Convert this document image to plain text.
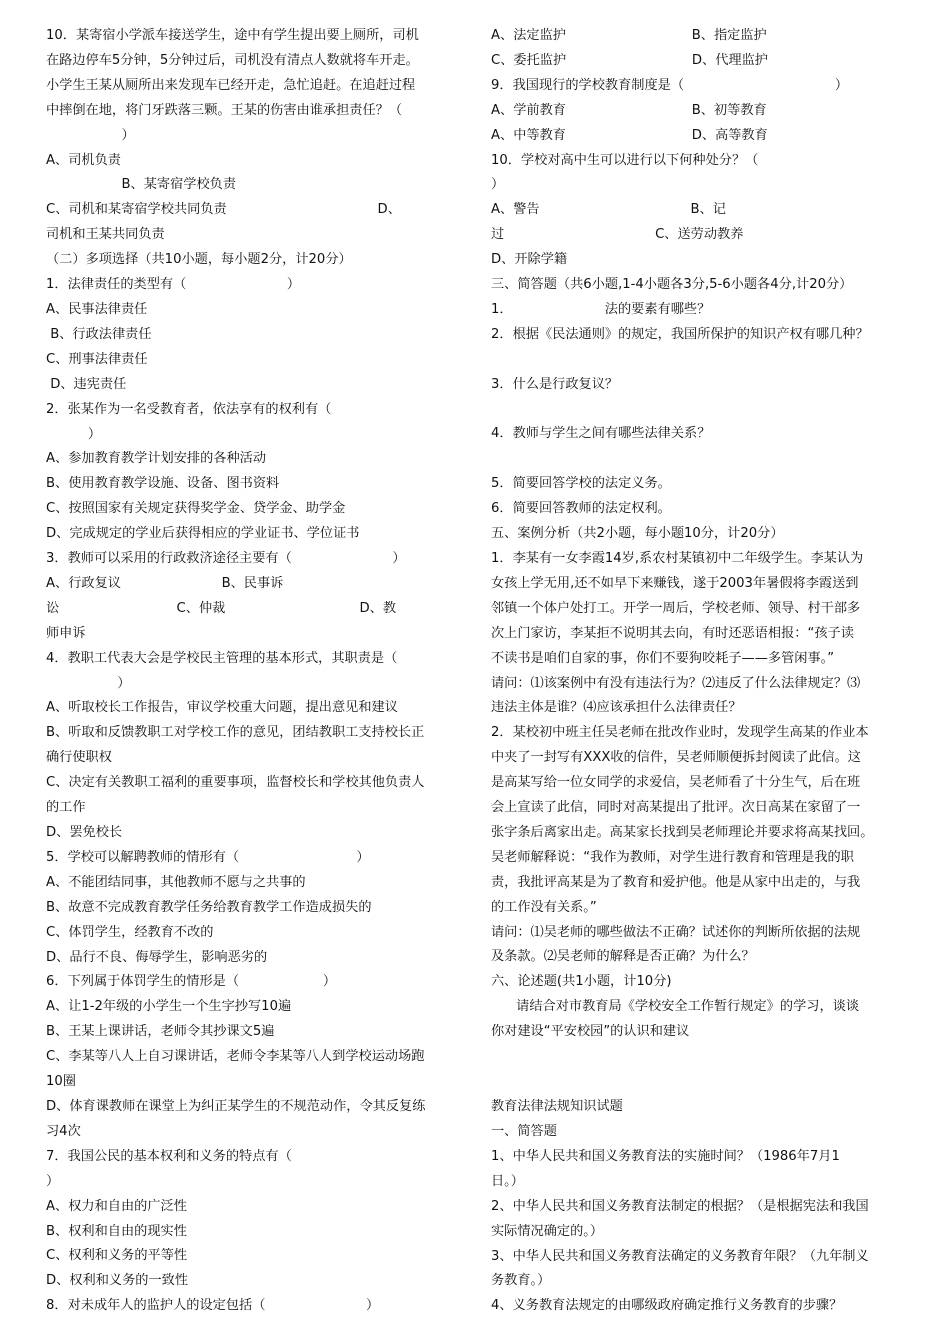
10．某寄宿小学派车接送学生，途中有学生提出要上厕所，司机
在路边停车5分钟，5分钟过后，司机没有清点人数就将车开走。
小学生王某从厕所出来发现车已经开走，急忙追赶。在追赶过程
中摔倒在地，将门牙跌落三颗。王某的伤害由谁承担责任？（
）
A、司机负责
B、某寄宿学校负责
C、司机和某寄宿学校共同负责                                    D、
司机和王某共同负责
（二）多项选择（共10小题，每小题2分，计20分）
1．法律责任的类型有（                        ）
A、民事法律责任
B、行政法律责任
C、刑事法律责任
D、违宪责任
2．张某作为一名受教育者，依法享有的权利有（
）
A、参加教育教学计划安排的各种活动
B、使用教育教学设施、设备、图书资料
C、按照国家有关规定获得奖学金、贷学金、助学金
D、完成规定的学业后获得相应的学业证书、学位证书
3．教师可以采用的行政救济途径主要有（                        ）
A、行政复议                        B、民事诉
讼                            C、仲裁                                D、教
师申诉
4．教职工代表大会是学校民主管理的基本形式，其职责是（
）
A、听取校长工作报告，审议学校重大问题，提出意见和建议
B、听取和反馈教职工对学校工作的意见，团结教职工支持校长正
确行使职权
C、决定有关教职工福利的重要事项，监督校长和学校其他负责人
的工作
D、罢免校长
5．学校可以解聘教师的情形有（                            ）
A、不能团结同事，其他教师不愿与之共事的
B、故意不完成教育教学任务给教育教学工作造成损失的
C、体罚学生，经教育不改的
D、品行不良、侮辱学生，影响恶劣的
6．下列属于体罚学生的情形是（                    ）
A、让1-2年级的小学生一个生字抄写10遍
B、王某上课讲话，老师令其抄课文5遍
C、李某等八人上自习课讲话，老师令李某等八人到学校运动场跑
10圈
D、体育课教师在课堂上为纠正某学生的不规范动作，令其反复练
习4次
7．我国公民的基本权利和义务的特点有（
）
A、权力和自由的广泛性
B、权利和自由的现实性
C、权利和义务的平等性
D、权利和义务的一致性
8．对未成年人的监护人的设定包括（                        ）
A、法定监护                              B、指定监护
C、委托监护                              D、代理监护
9．我国现行的学校教育制度是（                                    ）
A、学前教育                              B、初等教育
A、中等教育                              D、高等教育
10．学校对高中生可以进行以下何种处分？（
）
A、警告                                    B、记
过                                    C、送劳动教养
D、开除学籍
三、简答题（共6小题,1-4小题各3分,5-6小题各4分,计20分）
1．                      法的要素有哪些？
2．根据《民法通则》的规定，我国所保护的知识产权有哪几种？
3．什么是行政复议？
4．教师与学生之间有哪些法律关系？
5．简要回答学校的法定义务。
6．简要回答教师的法定权利。
五、案例分析（共2小题，每小题10分，计20分）
1．李某有一女李霞14岁,系农村某镇初中二年级学生。李某认为
女孩上学无用,还不如早下来赚钱，遂于2003年暑假将李霞送到
邻镇一个体户处打工。开学一周后，学校老师、领导、村干部多
次上门家访，李某拒不说明其去向，有时还恶语相报：“孩子读
不读书是咱们自家的事，你们不要狗咬耗子——多管闲事。”
请问：⑴该案例中有没有违法行为？⑵违反了什么法律规定？⑶
违法主体是谁？⑷应该承担什么法律责任？
2．某校初中班主任吴老师在批改作业时，发现学生高某的作业本
中夹了一封写有XXX收的信件，吴老师顺便拆封阅读了此信。这
是高某写给一位女同学的求爱信，吴老师看了十分生气，后在班
会上宣读了此信，同时对高某提出了批评。次日高某在家留了一
张字条后离家出走。高某家长找到吴老师理论并要求将高某找回。
吴老师解释说：“我作为教师，对学生进行教育和管理是我的职
责，我批评高某是为了教育和爱护他。他是从家中出走的，与我
的工作没有关系。”
请问：⑴吴老师的哪些做法不正确？试述你的判断所依据的法规
及条款。⑵吴老师的解释是否正确？为什么？
六、论述题(共1小题，计10分)
请结合对市教育局《学校安全工作暂行规定》的学习，谈谈
你对建设“平安校园”的认识和建议
教育法律法规知识试题
一、简答题
1、中华人民共和国义务教育法的实施时间？（1986年7月1
日。）
2、中华人民共和国义务教育法制定的根据？（是根据宪法和我国
实际情况确定的。）
3、中华人民共和国义务教育法确定的义务教育年限？（九年制义
务教育。）
4、义务教育法规定的由哪级政府确定推行义务教育的步骤？
